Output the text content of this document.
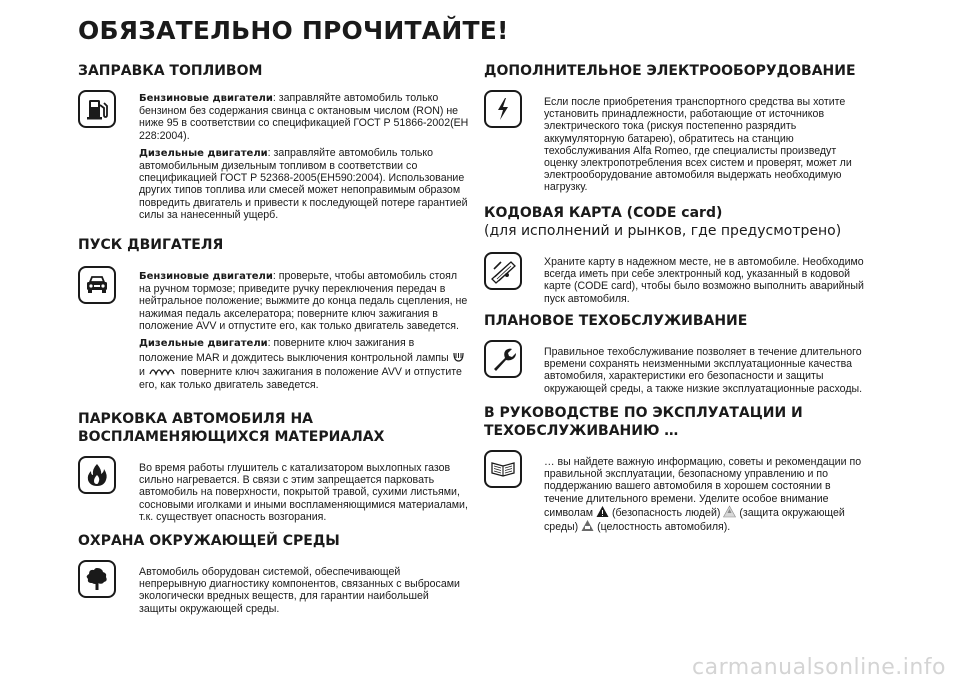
ОБЯЗАТЕЛЬНО ПРОЧИТАЙТЕ!
ЗАПРАВКА ТОПЛИВОМ

Бензиновые двигатели: заправляйте автомобиль только бензином без содержания свинца с октановым числом (RON) не ниже 95 в соответствии со спецификацией ГОСТ Р 51866-2002(EH 228:2004).

Дизельные двигатели: заправляйте автомобиль только автомобильным дизельным топливом в соответствии со спецификацией ГОСТ Р 52368-2005(EH590:2004). Использование других типов топлива или смесей может непоправимым образом повредить двигатель и привести к последующей потере гарантией силы за нанесенный ущерб.

ПУСК ДВИГАТЕЛЯ

Бензиновые двигатели: проверьте, чтобы автомобиль стоял на ручном тормозе; приведите ручку переключения передач в нейтральное положение; выжмите до конца педаль сцепления, не нажимая педаль акселератора; поверните ключ зажигания в положение AVV и отпустите его, как только двигатель заведется.

Дизельные двигатели: поверните ключ зажигания в положение MAR и дождитесь выключения контрольной лампы
и	поверните ключ зажигания в положение AVV и отпустите его, как только двигатель заведется.

ПАРКОВКА АВТОМОБИЛЯ НА ВОСПЛАМЕНЯЮЩИХСЯ МАТЕРИАЛАХ
Во время работы глушитель с катализатором выхлопных газов сильно нагревается. В связи с этим запрещается парковать автомобиль на поверхности, покрытой травой, сухими листьями, сосновыми иголками и иными воспламеняющимися материалами, т.к. существует опасность возгорания.
ОХРАНА ОКРУЖАЮЩЕЙ СРЕДЫ
Автомобиль оборудован системой, обеспечивающей непрерывную диагностику компонентов, связанных с выбросами экологически вредных веществ, для гарантии наибольшей защиты окружающей среды.
ДОПОЛНИТЕЛЬНОЕ ЭЛЕКТРООБОРУДОВАНИЕ
Если после приобретения транспортного средства вы хотите установить принадлежности, работающие от источников электрического тока (рискуя постепенно разрядить аккумуляторную батарею), обратитесь на станцию техобслуживания Alfa Romeo, где специалисты произведут оценку электропотребления всех систем и проверят, может ли электрооборудование автомобиля выдержать необходимую нагрузку.
КОДОВАЯ КАРТА (CODE card)
(для исполнений и рынков, где предусмотрено)
Храните карту в надежном месте, не в автомобиле. Необходимо всегда иметь при себе электронный код, указанный в кодовой карте (CODE card), чтобы было возможно выполнить аварийный пуск автомобиля.
ПЛАНОВОЕ ТЕХОБСЛУЖИВАНИЕ
Правильное техобслуживание позволяет в течение длительного времени сохранять неизменными эксплуатационные качества автомобиля, характеристики его безопасности и защиты окружающей среды, а также низкие эксплуатационные расходы.
В РУКОВОДСТВЕ ПО ЭКСПЛУАТАЦИИ И ТЕХОБСЛУЖИВАНИЮ …
… вы найдете важную информацию, советы и рекомендации по правильной эксплуатации, безопасному управлению и по поддержанию вашего автомобиля в хорошем состоянии в течение длительного времени. Уделите особое внимание символам (безопасность людей) (защита окружающей среды) (целостность автомобиля).
carmanualsonline.info
